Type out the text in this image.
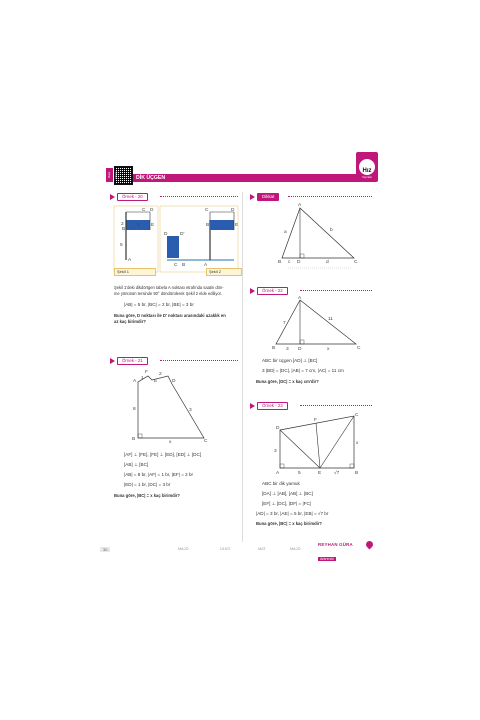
Video Çözüm	DİK ÜÇGEN
Hız
Yayınları
Örnek - 20
C D
2	3
B
E
5
A
D	D'
C B	A
C	D
B	E
Şekil 1	Şekil 2
Şekil 1'deki dikdörtgen tabela A noktası etrafında saatin dön-
me yönünün tersinde 90° döndürülerek Şekil 2 elde ediliyor.
|AB| = 5 br, |BC| = 2 br, |BE| = 3 br
Buna göre, D noktası ile D' noktası arasındaki uzaklık en
az kaç birimdir?
Örnek - 21
B	C
A
F
E	D
8	3
x
1
2
[AF] ⊥ [FE], [FE] ⊥ [ED], [ED] ⊥ [DC]
[AB] ⊥ [BC]
|AB| = 8 br, |AF| = 1 br, |EF| = 2 br
|ED| = 1 br, |DC| = 3 br
Buna göre, |BC| = x kaç birimdir?
Dikkat
A
B	D	C
a	b
c	d
Örnek - 22
A
B	D	C
7
11
3	x
ABC bir üçgen [AD] ⊥ [BC]
3 |BD| = |DC|, |AB| = 7 cm, |AC| = 11 cm
Buna göre, |DC| = x kaç cm'dir?
Örnek - 23
D
F
C
A	E	B
3
5	√7
x
ABC bir dik yamuk
[DA] ⊥ [AB], [AB] ⊥ [BC]
[EF] ⊥ [DC], |DF| = |FC|
|AD| = 3 br, |AE| = 5 br, |EB| = √7 br
Buna göre, |BC| = x kaç birimdir?
30	MAJÖ	ÜLKÖ	MAT	MAJÖ
REYHAN GÜRA
Antrenör
